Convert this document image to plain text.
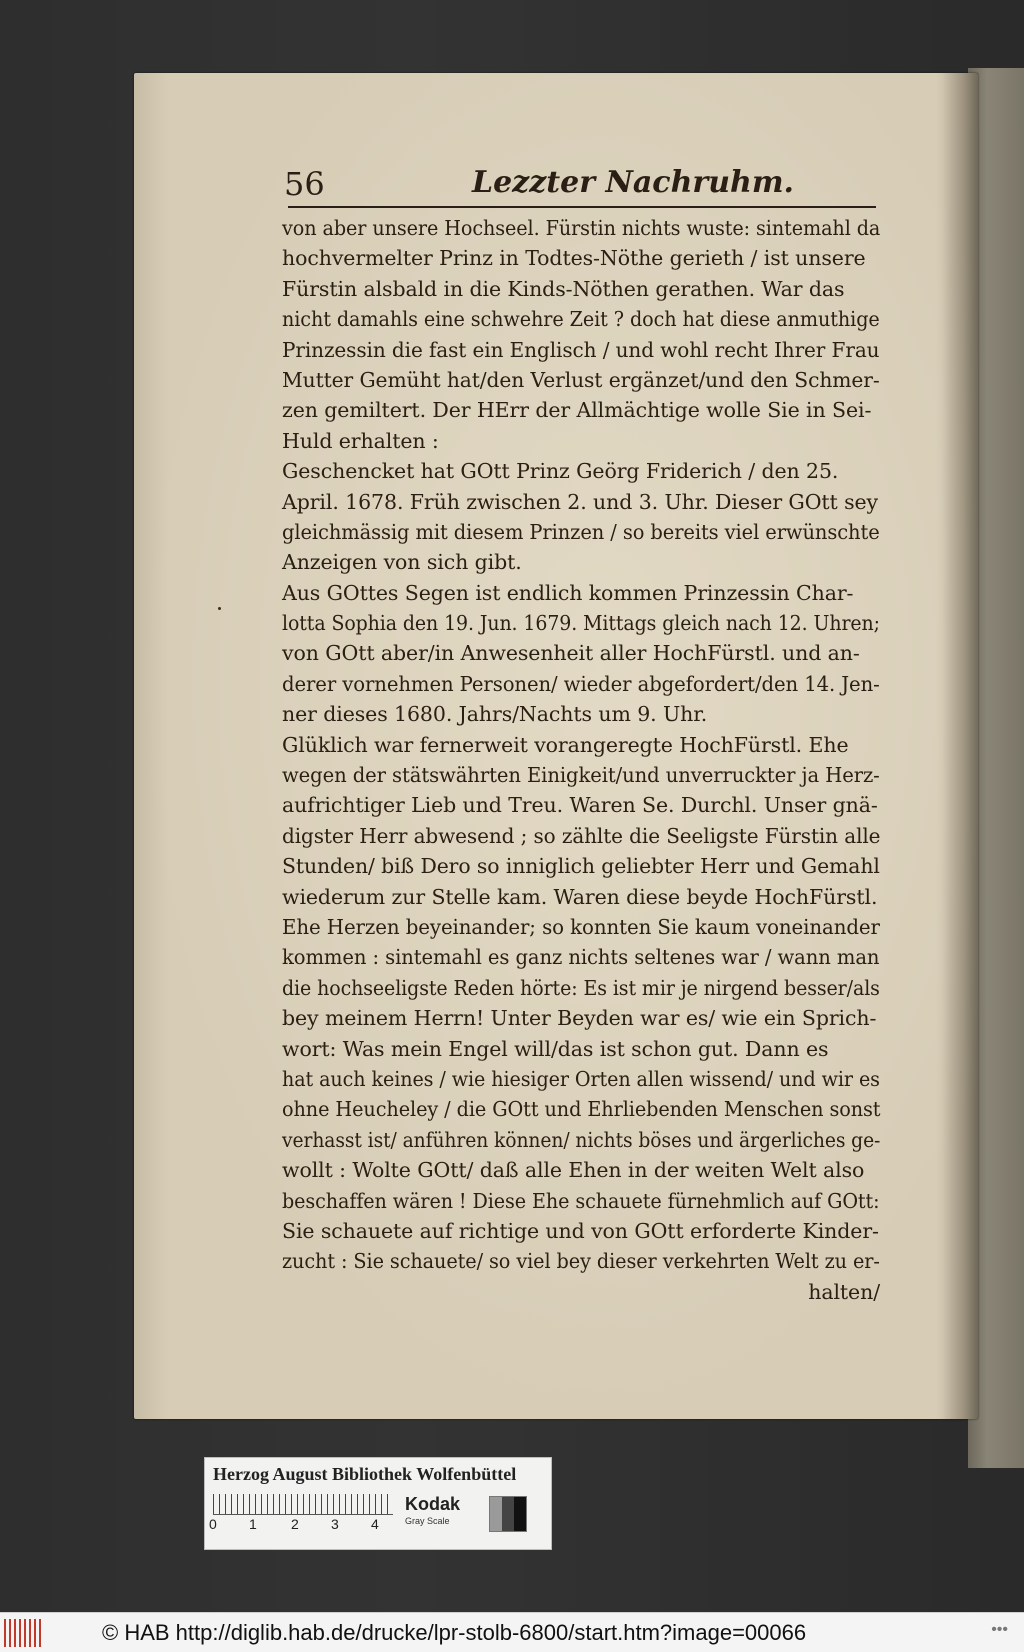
56	Lezzter Nachruhm.
von aber unsere Hochseel. Fürstin nichts wuste: sintemahl da
hochvermelter Prinz in Todtes-Nöthe gerieth / ist unsere
Fürstin alsbald in die Kinds-Nöthen gerathen. War das
nicht damahls eine schwehre Zeit ? doch hat diese anmuthige
Prinzessin die fast ein Englisch / und wohl recht Ihrer Frau
Mutter Gemüht hat/den Verlust ergänzet/und den Schmer-
zen gemiltert. Der HErr der Allmächtige wolle Sie in Sei-
Huld erhalten :
Geschencket hat GOtt Prinz Geörg Friderich / den 25.
April. 1678. Früh zwischen 2. und 3. Uhr. Dieser GOtt sey
gleichmässig mit diesem Prinzen / so bereits viel erwünschte
Anzeigen von sich gibt.
Aus GOttes Segen ist endlich kommen Prinzessin Char-
lotta Sophia den 19. Jun. 1679. Mittags gleich nach 12. Uhren;
von GOtt aber/in Anwesenheit aller HochFürstl. und an-
derer vornehmen Personen/ wieder abgefordert/den 14. Jen-
ner dieses 1680. Jahrs/Nachts um 9. Uhr.
Glüklich war fernerweit vorangeregte HochFürstl. Ehe
wegen der stätswährten Einigkeit/und unverruckter ja Herz-
aufrichtiger Lieb und Treu. Waren Se. Durchl. Unser gnä-
digster Herr abwesend ; so zählte die Seeligste Fürstin alle
Stunden/ biß Dero so inniglich geliebter Herr und Gemahl
wiederum zur Stelle kam. Waren diese beyde HochFürstl.
Ehe Herzen beyeinander; so konnten Sie kaum voneinander
kommen : sintemahl es ganz nichts seltenes war / wann man
die hochseeligste Reden hörte: Es ist mir je nirgend besser/als
bey meinem Herrn! Unter Beyden war es/ wie ein Sprich-
wort: Was mein Engel will/das ist schon gut. Dann es
hat auch keines / wie hiesiger Orten allen wissend/ und wir es
ohne Heucheley / die GOtt und Ehrliebenden Menschen sonst
verhasst ist/ anführen können/ nichts böses und ärgerliches ge-
wollt : Wolte GOtt/ daß alle Ehen in der weiten Welt also
beschaffen wären ! Diese Ehe schauete fürnehmlich auf GOtt:
Sie schauete auf richtige und von GOtt erforderte Kinder-
zucht : Sie schauete/ so viel bey dieser verkehrten Welt zu er-
halten/
Herzog August Bibliothek Wolfenbüttel
0 1 2 3 4
Kodak
Gray Scale
© HAB http://diglib.hab.de/drucke/lpr-stolb-6800/start.htm?image=00066	•••
